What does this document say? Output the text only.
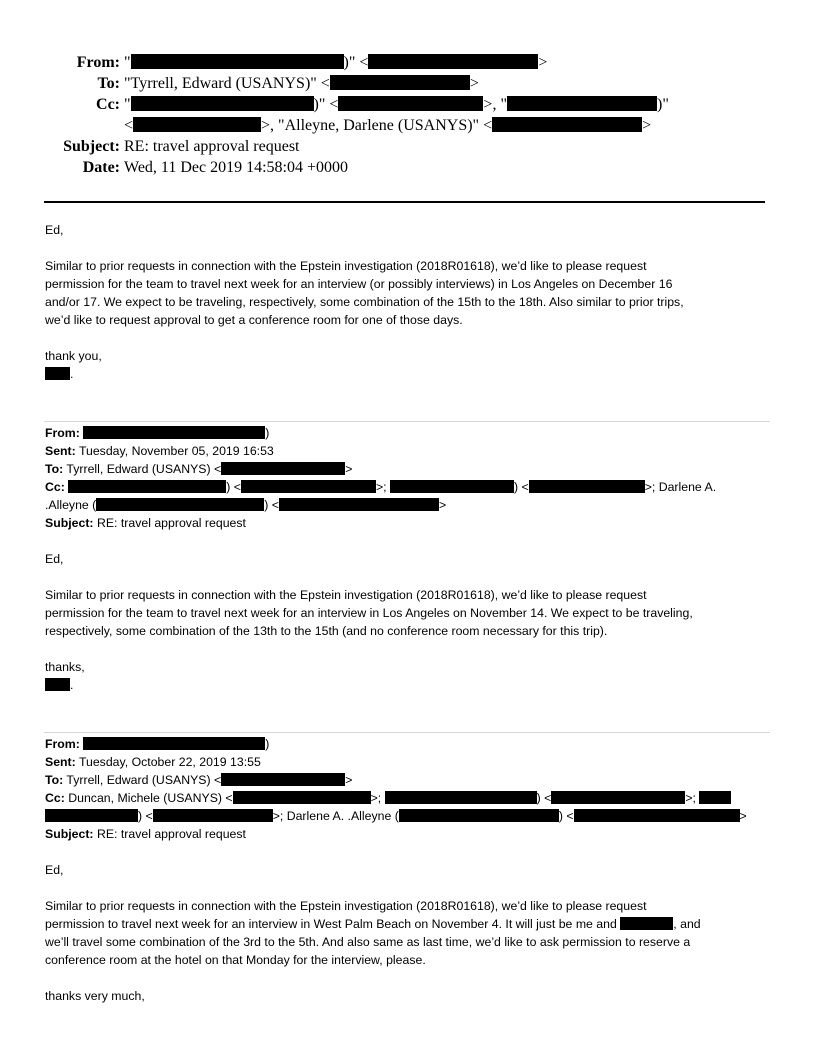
From: "	)" <	>
To: "Tyrrell, Edward (USANYS)" <	>
Cc: "	)" <	>, "	)"
<	>, "Alleyne, Darlene (USANYS)" <	>
Subject: RE: travel approval request
Date: Wed, 11 Dec 2019 14:58:04 +0000

Ed,

Similar to prior requests in connection with the Epstein investigation (2018R01618), we’d like to please request

permission for the team to travel next week for an interview (or possibly interviews) in Los Angeles on December 16

and/or 17. We expect to be traveling, respectively, some combination of the 15th to the 18th. Also similar to prior trips,

we’d like to request approval to get a conference room for one of those days.

thank you,

.

From:	)

Sent: Tuesday, November 05, 2019 16:53

To: Tyrrell, Edward (USANYS) <	>

Cc:	) <	>;	) <	>; Darlene A.

.Alleyne (	) <	>

Subject: RE: travel approval request

Ed,

Similar to prior requests in connection with the Epstein investigation (2018R01618), we’d like to please request

permission for the team to travel next week for an interview in Los Angeles on November 14. We expect to be traveling,

respectively, some combination of the 13th to the 15th (and no conference room necessary for this trip).

thanks,

.

From:	)

Sent: Tuesday, October 22, 2019 13:55

To: Tyrrell, Edward (USANYS) <	>

Cc: Duncan, Michele (USANYS) <	>;	) <	>;

) <	>; Darlene A. .Alleyne (	) <	>

Subject: RE: travel approval request

Ed,

Similar to prior requests in connection with the Epstein investigation (2018R01618), we’d like to please request

permission to travel next week for an interview in West Palm Beach on November 4. It will just be me and	, and

we’ll travel some combination of the 3rd to the 5th. And also same as last time, we’d like to ask permission to reserve a

conference room at the hotel on that Monday for the interview, please.

thanks very much,
